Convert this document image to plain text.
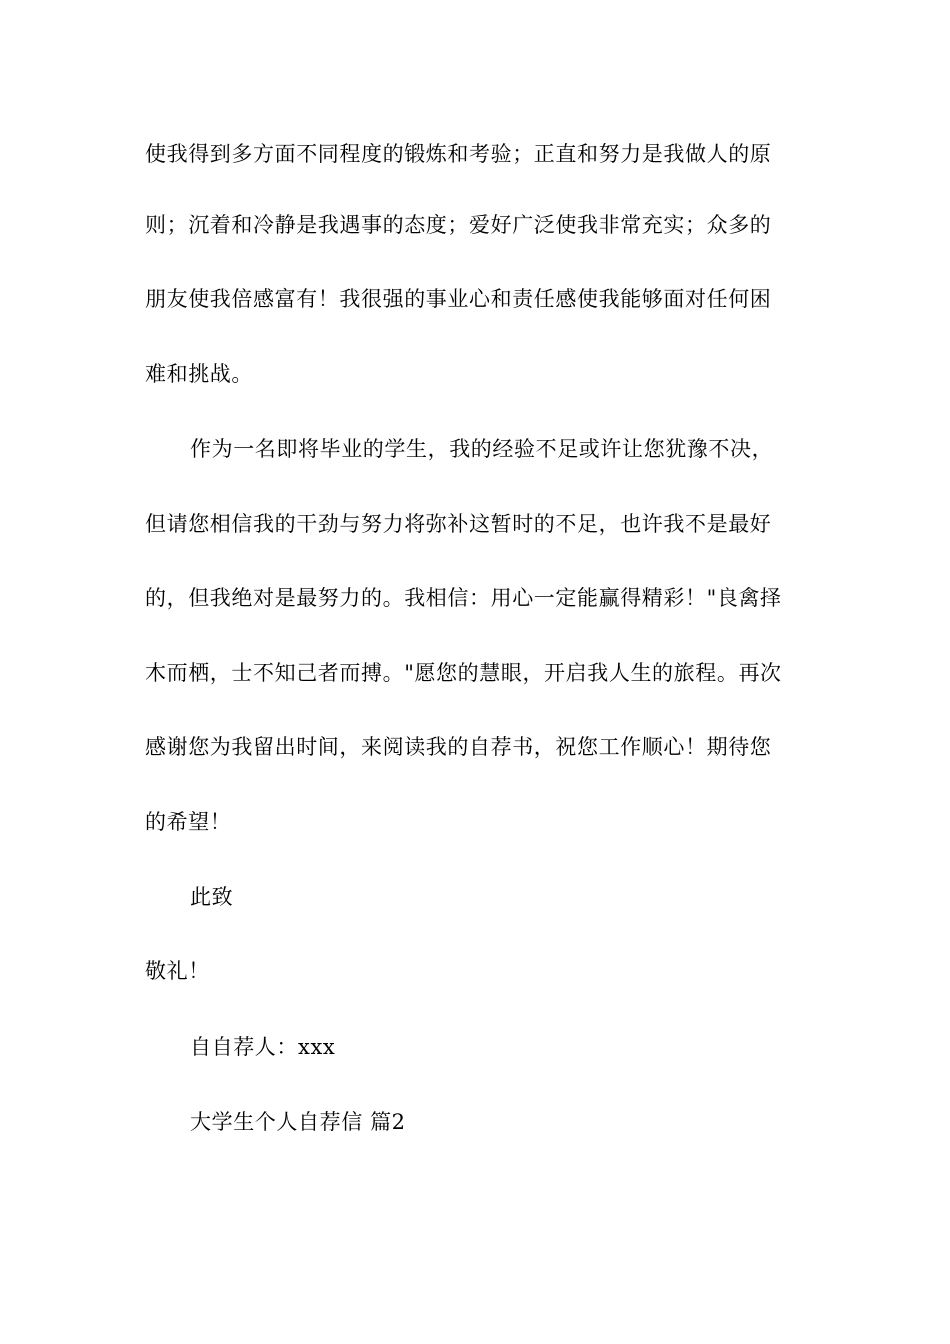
使我得到多方面不同程度的锻炼和考验；正直和努力是我做人的原
则；沉着和冷静是我遇事的态度；爱好广泛使我非常充实；众多的
朋友使我倍感富有！我很强的事业心和责任感使我能够面对任何困
难和挑战。
作为一名即将毕业的学生，我的经验不足或许让您犹豫不决，
但请您相信我的干劲与努力将弥补这暂时的不足，也许我不是最好
的，但我绝对是最努力的。我相信：用心一定能赢得精彩！"良禽择
木而栖，士不知己者而搏。"愿您的慧眼，开启我人生的旅程。再次
感谢您为我留出时间，来阅读我的自荐书，祝您工作顺心！期待您
的希望！
此致
敬礼！
自自荐人：xxx
大学生个人自荐信 篇2
